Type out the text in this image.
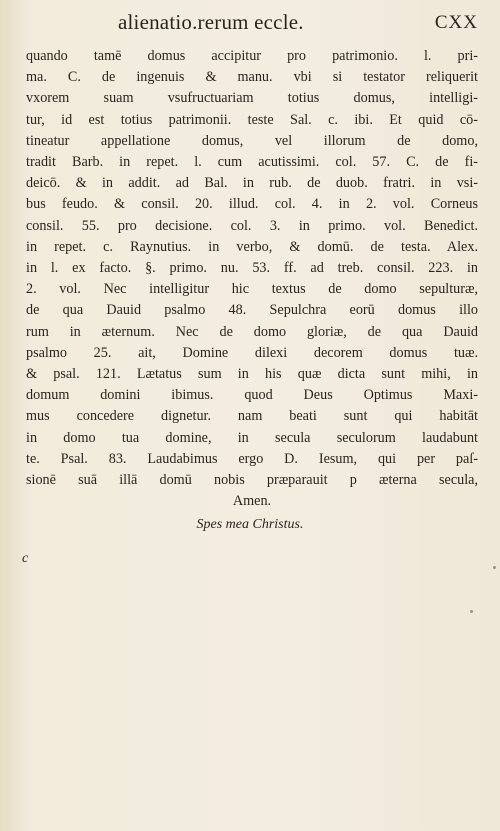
alienatio.rerum eccle.	CXX
quando tamē domus accipitur pro patrimonio. l. pri-
ma. C. de ingenuis & manu. vbi si testator reliquerit
vxorem suam vsufructuariam totius domus, intelligi-
tur, id est totius patrimonii. teste Sal. c. ibi. Et quid cō-
tineatur appellatione domus, vel illorum de domo,
tradit Barb. in repet. l. cum acutissimi. col. 57. C. de fi-
deicō. & in addit. ad Bal. in rub. de duob. fratri. in vsi-
bus feudo. & consil. 20. illud. col. 4. in 2. vol. Corneus
consil. 55. pro decisione. col. 3. in primo. vol. Benedict.
in repet. c. Raynutius. in verbo, & domū. de testa. Alex.
in l. ex facto. §. primo. nu. 53. ff. ad treb. consil. 223. in
2. vol. Nec intelligitur hic textus de domo sepulturæ,
de qua Dauid psalmo 48. Sepulchra eorū domus illo
rum in æternum. Nec de domo gloriæ, de qua Dauid
psalmo 25. ait, Domine dilexi decorem domus tuæ.
& psal. 121. Lætatus sum in his quæ dicta sunt mihi, in
domum domini ibimus. quod Deus Optimus Maxi-
mus concedere dignetur. nam beati sunt qui habitāt
in domo tua domine, in secula seculorum laudabunt
te. Psal. 83. Laudabimus ergo D. Iesum, qui per paſ-
sionē suā illā domū nobis præparauit p æterna secula,
Amen.
Spes mea Christus.
c
